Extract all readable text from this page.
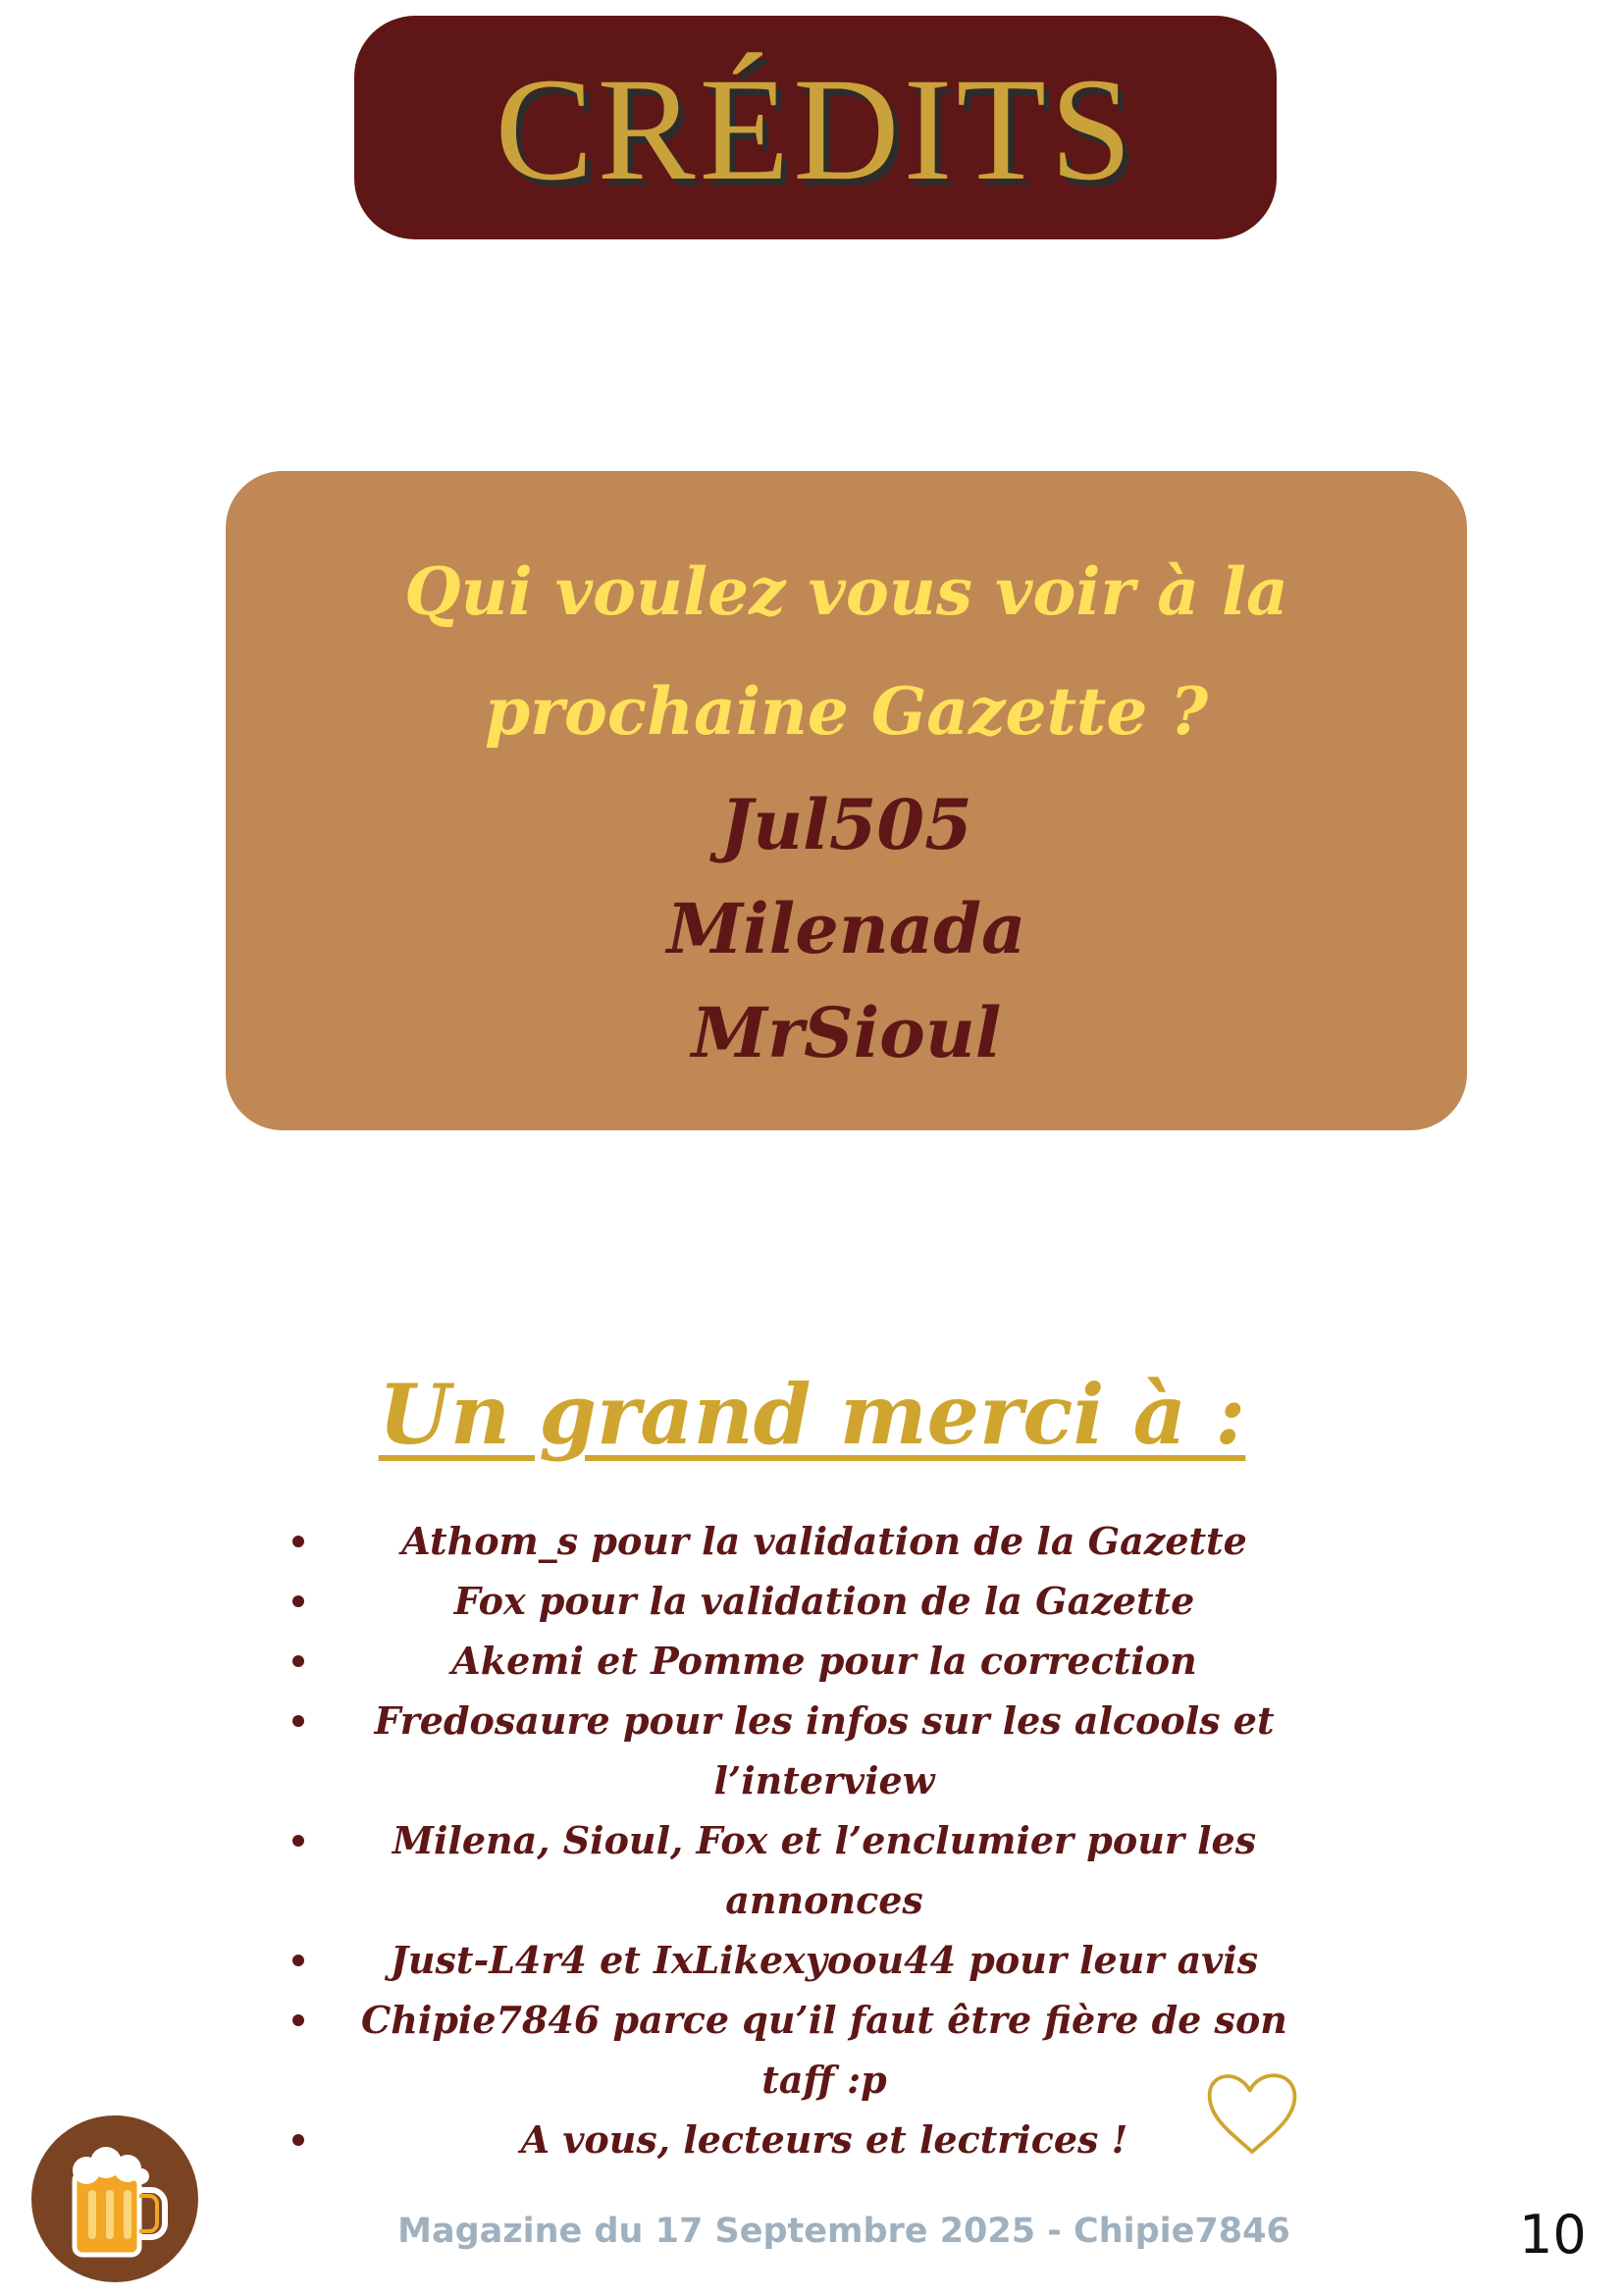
CRÉDITS
Qui voulez vous voir à la
prochaine Gazette ?
Jul505
Milenada
MrSioul
Un grand merci à :
Athom_s pour la validation de la Gazette
Fox pour la validation de la Gazette
Akemi et Pomme pour la correction
Fredosaure pour les infos sur les alcools et l’interview
Milena, Sioul, Fox et l’enclumier pour les annonces
Just-L4r4 et IxLikexyoou44 pour leur avis
Chipie7846 parce qu’il faut être fière de son taff :p
A vous, lecteurs et lectrices !
Magazine du 17 Septembre 2025 - Chipie7846	10
